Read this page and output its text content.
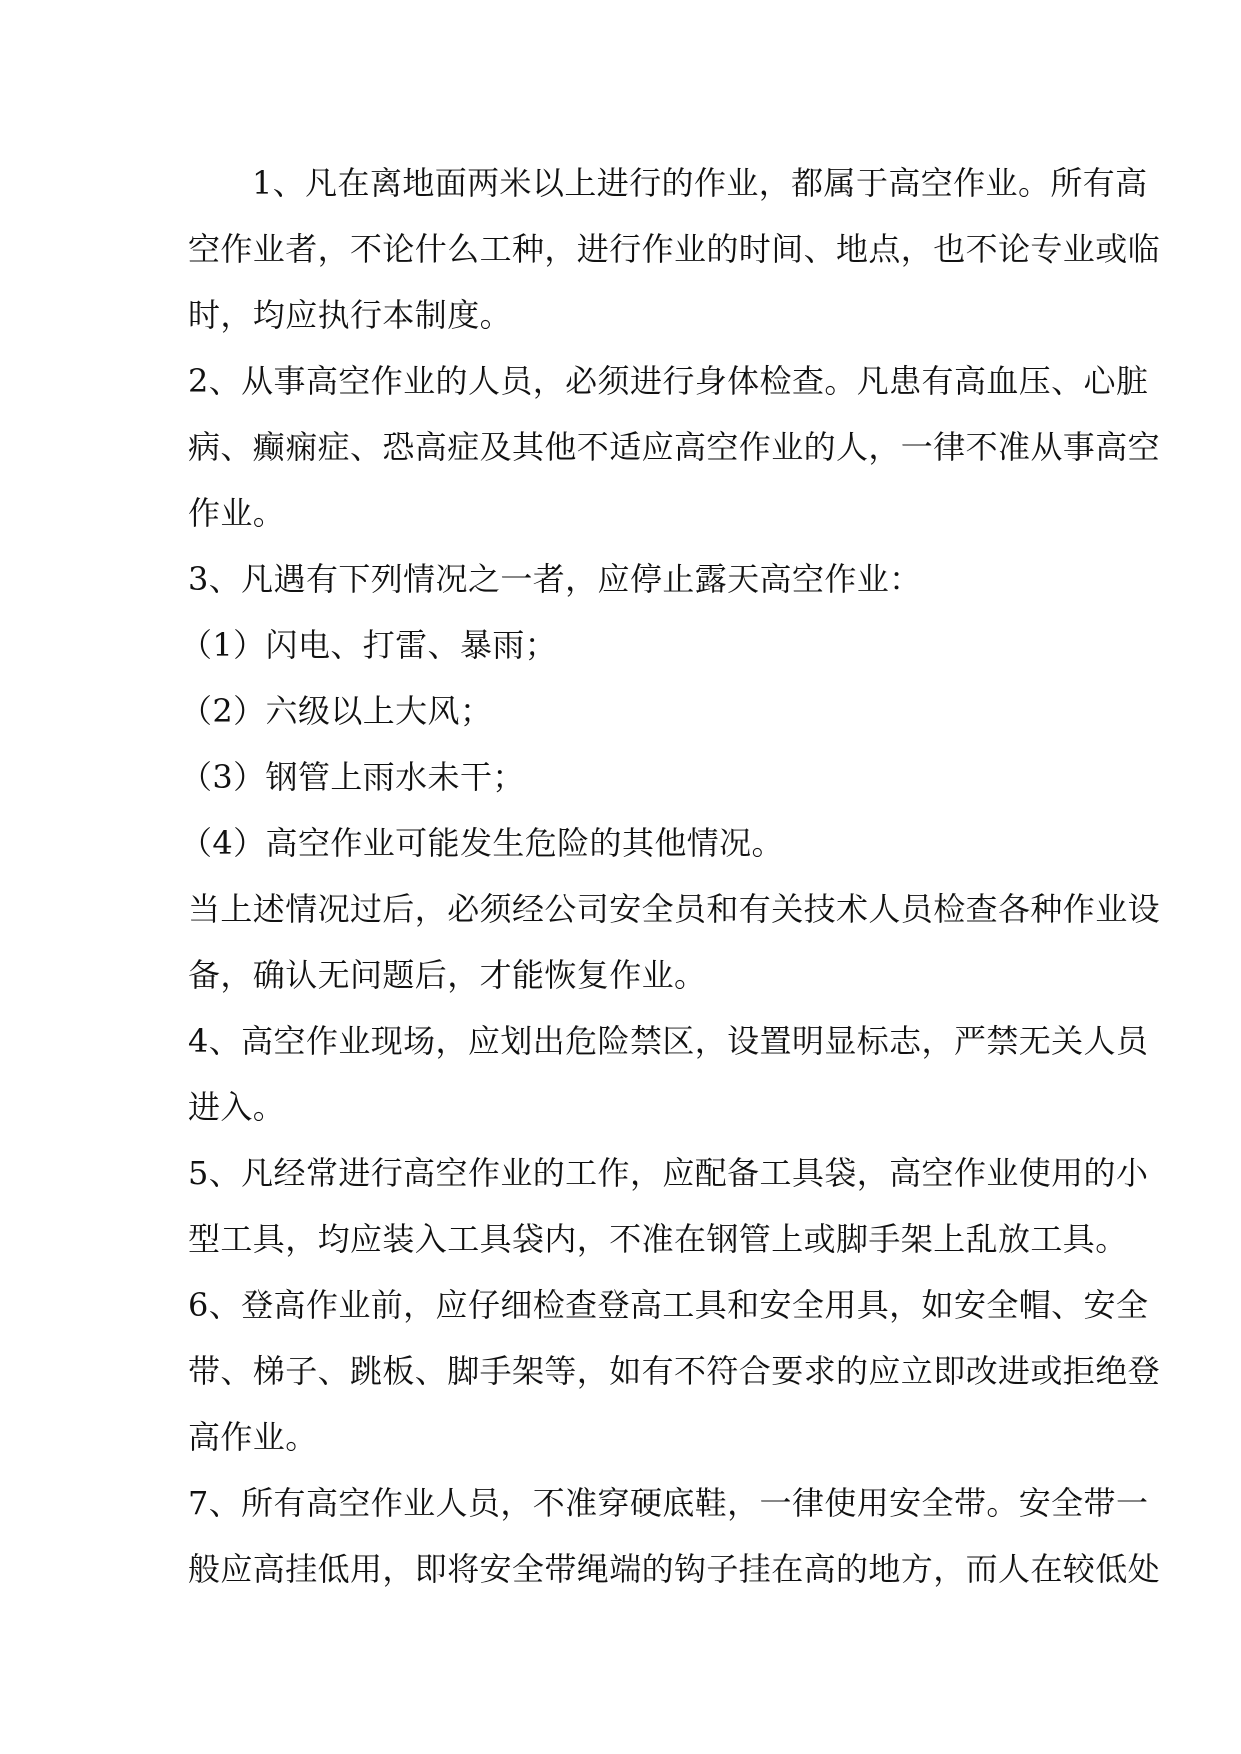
1、凡在离地面两米以上进行的作业，都属于高空作业。所有高
空作业者，不论什么工种，进行作业的时间、地点，也不论专业或临
时，均应执行本制度。
2、从事高空作业的人员，必须进行身体检查。凡患有高血压、心脏
病、癫痫症、恐高症及其他不适应高空作业的人，一律不准从事高空
作业。
3、凡遇有下列情况之一者，应停止露天高空作业：
（1）闪电、打雷、暴雨；
（2）六级以上大风；
（3）钢管上雨水未干；
（4）高空作业可能发生危险的其他情况。
当上述情况过后，必须经公司安全员和有关技术人员检查各种作业设
备，确认无问题后，才能恢复作业。
4、高空作业现场，应划出危险禁区，设置明显标志，严禁无关人员
进入。
5、凡经常进行高空作业的工作，应配备工具袋，高空作业使用的小
型工具，均应装入工具袋内，不准在钢管上或脚手架上乱放工具。
6、登高作业前，应仔细检查登高工具和安全用具，如安全帽、安全
带、梯子、跳板、脚手架等，如有不符合要求的应立即改进或拒绝登
高作业。
7、所有高空作业人员，不准穿硬底鞋，一律使用安全带。安全带一
般应高挂低用，即将安全带绳端的钩子挂在高的地方，而人在较低处
